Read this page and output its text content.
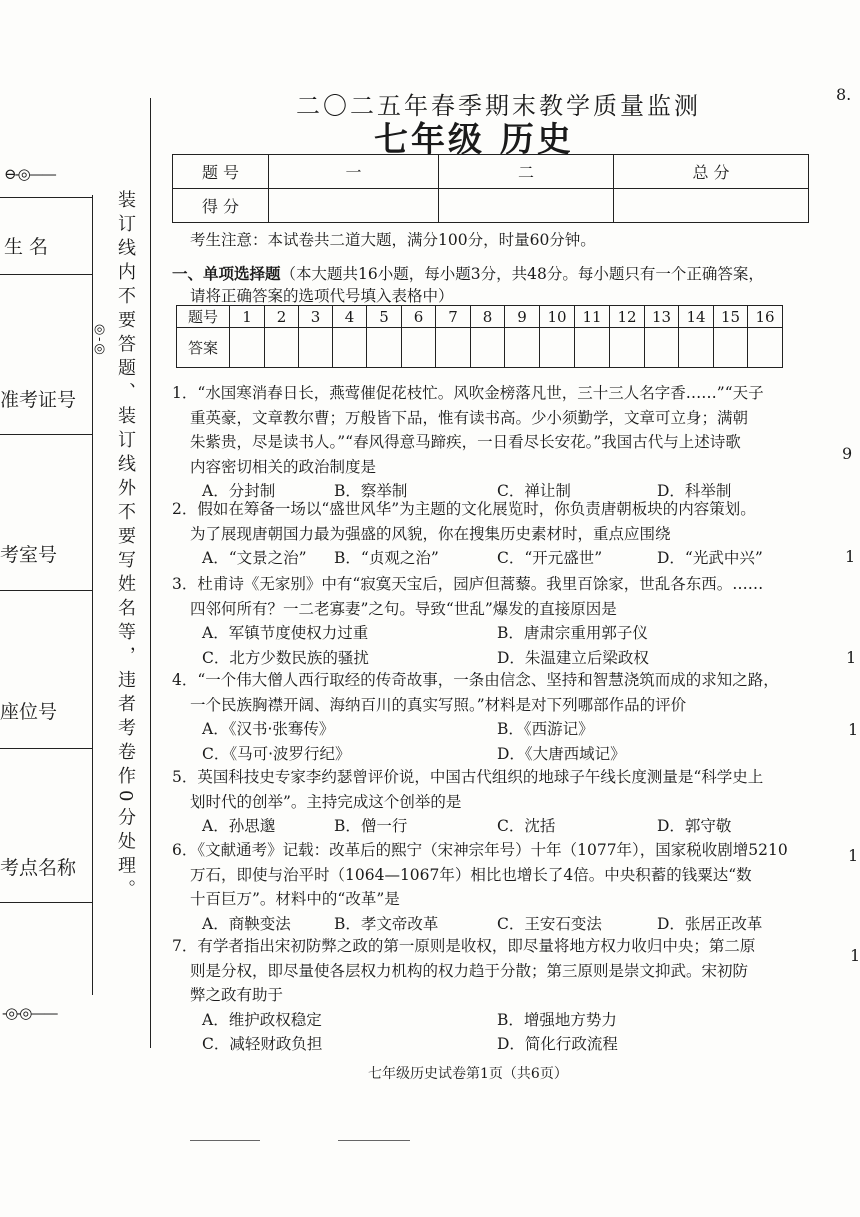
⊖-◎——
生 名
准考证号
考室号
座位号
考点名称
-◎-◎——
◎-◎ 装订线内不要答题、装订线外不要写姓名等，违者考卷作0分处理。
8.
9
1
1
1
1
1
二〇二五年春季期末教学质量监测
七年级 历史
题 号	一	二	总 分
得 分			
考生注意：本试卷共二道大题，满分100分，时量60分钟。
一、单项选择题（本大题共16小题，每小题3分，共48分。每小题只有一个正确答案，
请将正确答案的选项代号填入表格中）
题号	1	2	3	4	5	6	7	8	9	10	11	12	13	14	15	16
答案																
1．“水国寒消春日长，燕莺催促花枝忙。风吹金榜落凡世，三十三人名字香……”“天子
重英豪，文章教尔曹；万般皆下品，惟有读书高。少小须勤学，文章可立身；满朝
朱紫贵，尽是读书人。”“春风得意马蹄疾，一日看尽长安花。”我国古代与上述诗歌
内容密切相关的政治制度是
A．分封制	B．察举制	C．禅让制	D．科举制
2．假如在筹备一场以“盛世风华”为主题的文化展览时，你负责唐朝板块的内容策划。
为了展现唐朝国力最为强盛的风貌，你在搜集历史素材时，重点应围绕
A．“文景之治” B．“贞观之治”	C．“开元盛世”	D．“光武中兴”
3．杜甫诗《无家别》中有“寂寞天宝后，园庐但蒿藜。我里百馀家，世乱各东西。……
四邻何所有？一二老寡妻”之句。导致“世乱”爆发的直接原因是
A．军镇节度使权力过重	B．唐肃宗重用郭子仪
C．北方少数民族的骚扰	D．朱温建立后梁政权
4．“一个伟大僧人西行取经的传奇故事，一条由信念、坚持和智慧浇筑而成的求知之路，
一个民族胸襟开阔、海纳百川的真实写照。”材料是对下列哪部作品的评价
A．《汉书·张骞传》	B．《西游记》
C．《马可·波罗行纪》	D．《大唐西域记》
5．英国科技史专家李约瑟曾评价说，中国古代组织的地球子午线长度测量是“科学史上
划时代的创举”。主持完成这个创举的是
A．孙思邈	B．僧一行	C．沈括	D．郭守敬
6．《文献通考》记载：改革后的熙宁（宋神宗年号）十年（1077年），国家税收剧增5210
万石，即使与治平时（1064—1067年）相比也增长了4倍。中央积蓄的钱粟达“数
十百巨万”。材料中的“改革”是
A．商鞅变法	B．孝文帝改革	C．王安石变法	D．张居正改革
7．有学者指出宋初防弊之政的第一原则是收权，即尽量将地方权力收归中央；第二原
则是分权，即尽量使各层权力机构的权力趋于分散；第三原则是崇文抑武。宋初防
弊之政有助于
A．维护政权稳定	B．增强地方势力
C．减轻财政负担	D．简化行政流程
七年级历史试卷第1页（共6页）
